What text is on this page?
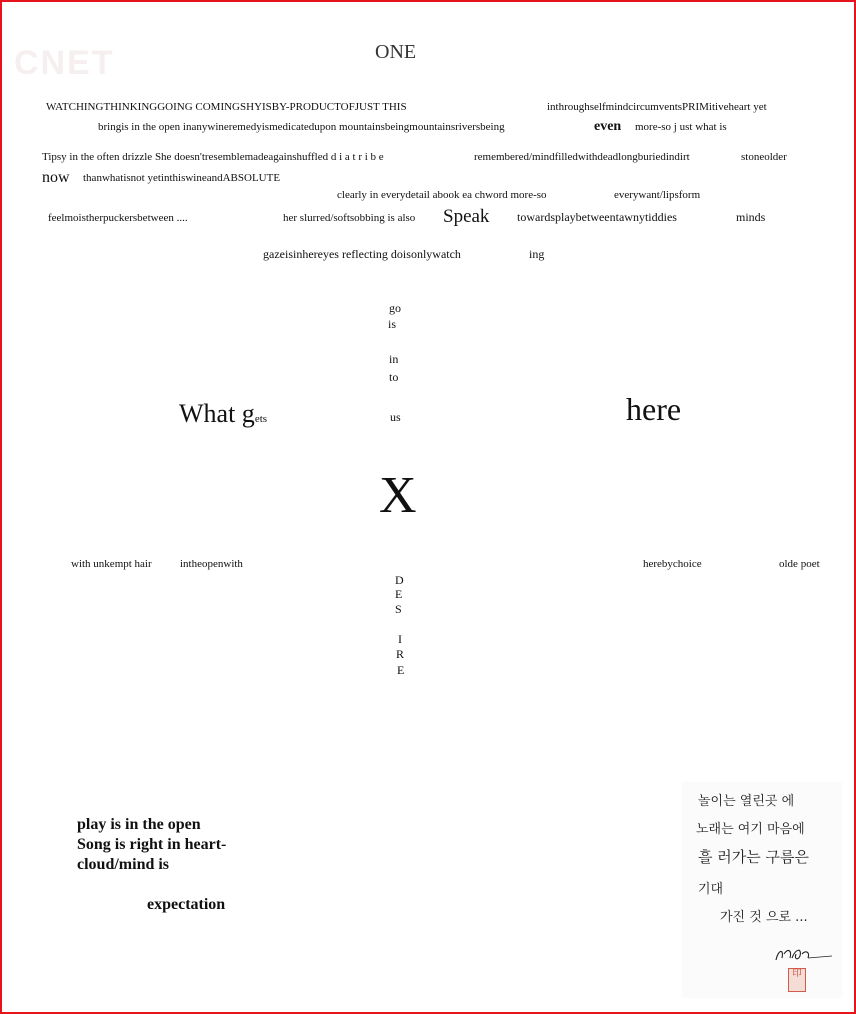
CNET	ONE
WATCHINGTHINKINGGOING COMINGSHYISBY-PRODUCTOFJUST THIS	inthroughselfmindcircumventsPRIMitiveheart yet
bringis in the open inanywineremedyismedicatedupon mountainsbeingmountainsriversbeing	even more-so j ust what is
Tipsy in the often drizzle She doesn'tresemblemadeagainshuffled d i a t r i b e	remembered/mindfilledwithdeadlongburiedindirt	stoneolder
now thanwhatisnot yetinthiswineandABSOLUTE
clearly in everydetail abook ea chword more-so	everywant/lipsform
feelmoistherpuckersbetween ....	her slurred/softsobbing is also Speak towardsplaybetweentawnytiddies	minds
gazeisinhereyes reflecting doisonlywatch	ing
go
is
in
to
us
What gets	here
X
with unkempt hair	intheopenwith	herebychoice	olde poet
D
E
S
I
R
E
play is in the open
Song is right in heart-
cloud/mind is
expectation
놀이는 열린곳 에
노래는 여기 마음에
흘 러가는 구름은
기대
가진 것 으로 ...
印
